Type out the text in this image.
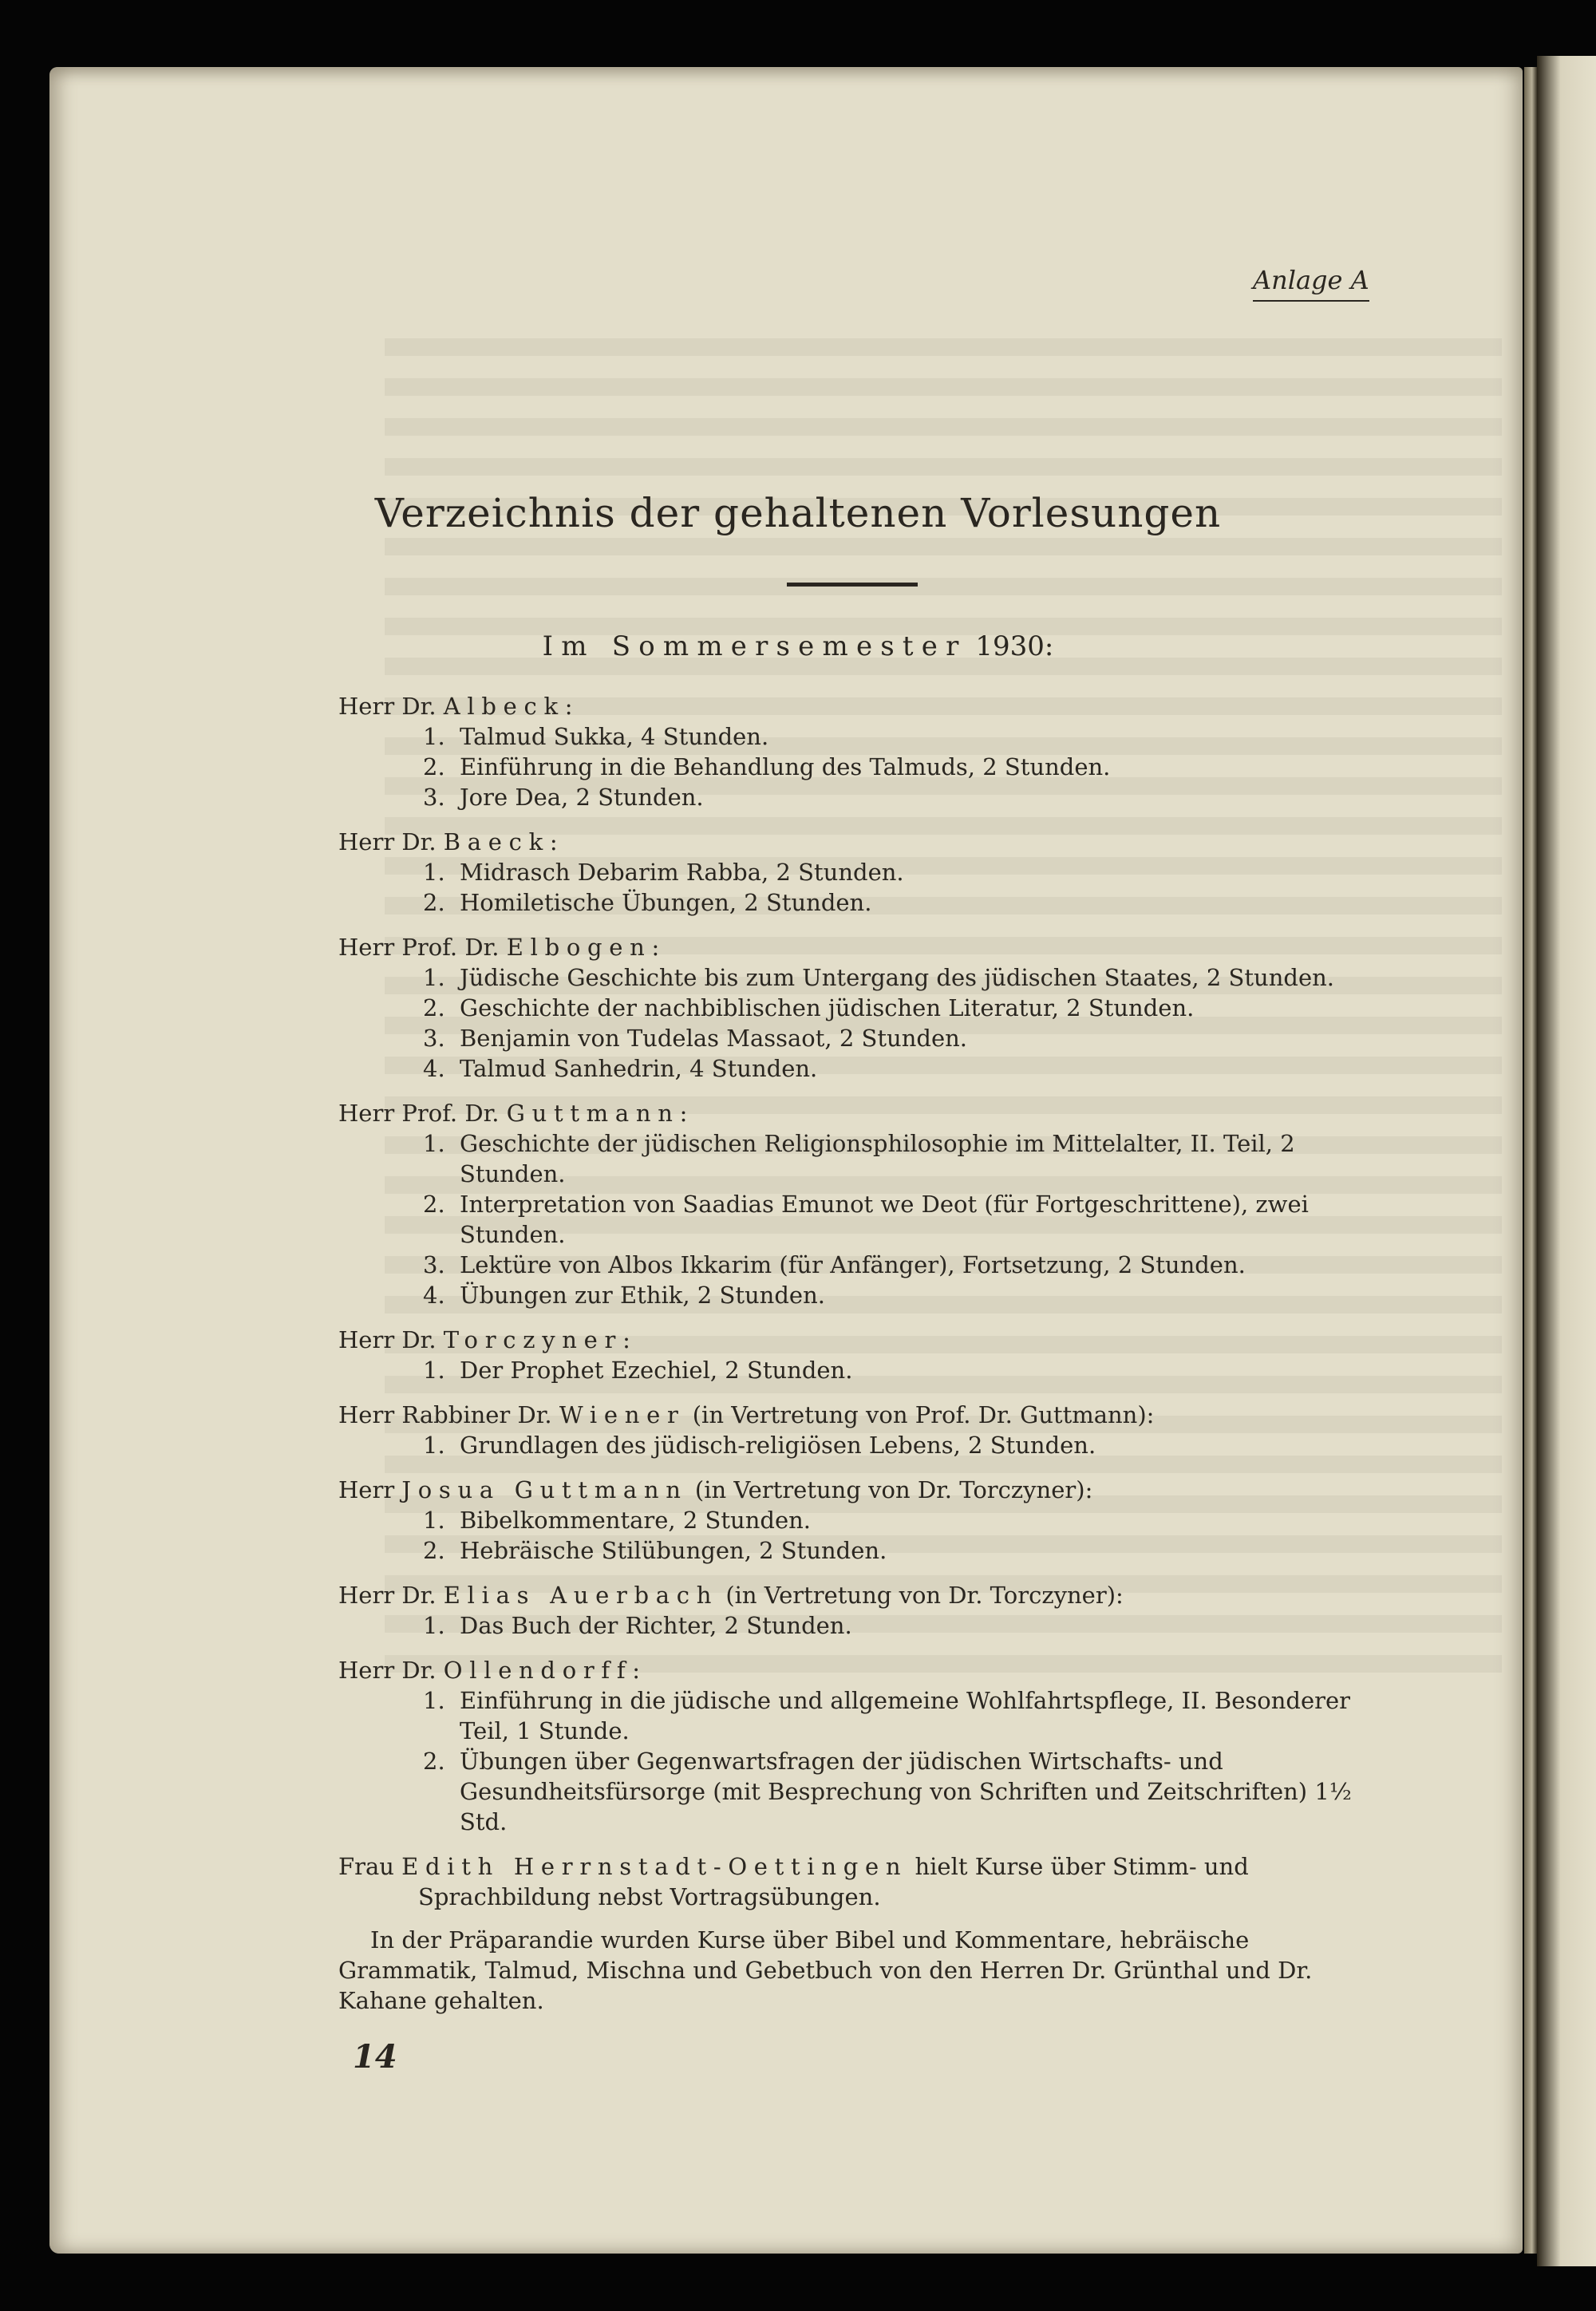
Anlage A
Verzeichnis der gehaltenen Vorlesungen
Im Sommersemester 1930:
Herr Dr. Albeck:
1. Talmud Sukka, 4 Stunden.
2. Einführung in die Behandlung des Talmuds, 2 Stunden.
3. Jore Dea, 2 Stunden.
Herr Dr. Baeck:
1. Midrasch Debarim Rabba, 2 Stunden.
2. Homiletische Übungen, 2 Stunden.
Herr Prof. Dr. Elbogen:
1. Jüdische Geschichte bis zum Untergang des jüdischen Staates, 2 Stunden.
2. Geschichte der nachbiblischen jüdischen Literatur, 2 Stunden.
3. Benjamin von Tudelas Massaot, 2 Stunden.
4. Talmud Sanhedrin, 4 Stunden.
Herr Prof. Dr. Guttmann:
1. Geschichte der jüdischen Religionsphilosophie im Mittelalter, II. Teil, 2 Stunden.
2. Interpretation von Saadias Emunot we Deot (für Fortgeschrittene), zwei Stunden.
3. Lektüre von Albos Ikkarim (für Anfänger), Fortsetzung, 2 Stunden.
4. Übungen zur Ethik, 2 Stunden.
Herr Dr. Torczyner:
1. Der Prophet Ezechiel, 2 Stunden.
Herr Rabbiner Dr. Wiener (in Vertretung von Prof. Dr. Guttmann):
1. Grundlagen des jüdisch-religiösen Lebens, 2 Stunden.
Herr Josua Guttmann (in Vertretung von Dr. Torczyner):
1. Bibelkommentare, 2 Stunden.
2. Hebräische Stilübungen, 2 Stunden.
Herr Dr. Elias Auerbach (in Vertretung von Dr. Torczyner):
1. Das Buch der Richter, 2 Stunden.
Herr Dr. Ollendorff:
1. Einführung in die jüdische und allgemeine Wohlfahrtspflege, II. Besonderer Teil, 1 Stunde.
2. Übungen über Gegenwartsfragen der jüdischen Wirtschafts- und Gesundheitsfürsorge (mit Besprechung von Schriften und Zeitschriften) 1½ Std.
Frau Edith Herrnstadt-Oettingen hielt Kurse über Stimm- und Sprachbildung nebst Vortragsübungen.
In der Präparandie wurden Kurse über Bibel und Kommentare, hebräische Grammatik, Talmud, Mischna und Gebetbuch von den Herren Dr. Grünthal und Dr. Kahane gehalten.
14
